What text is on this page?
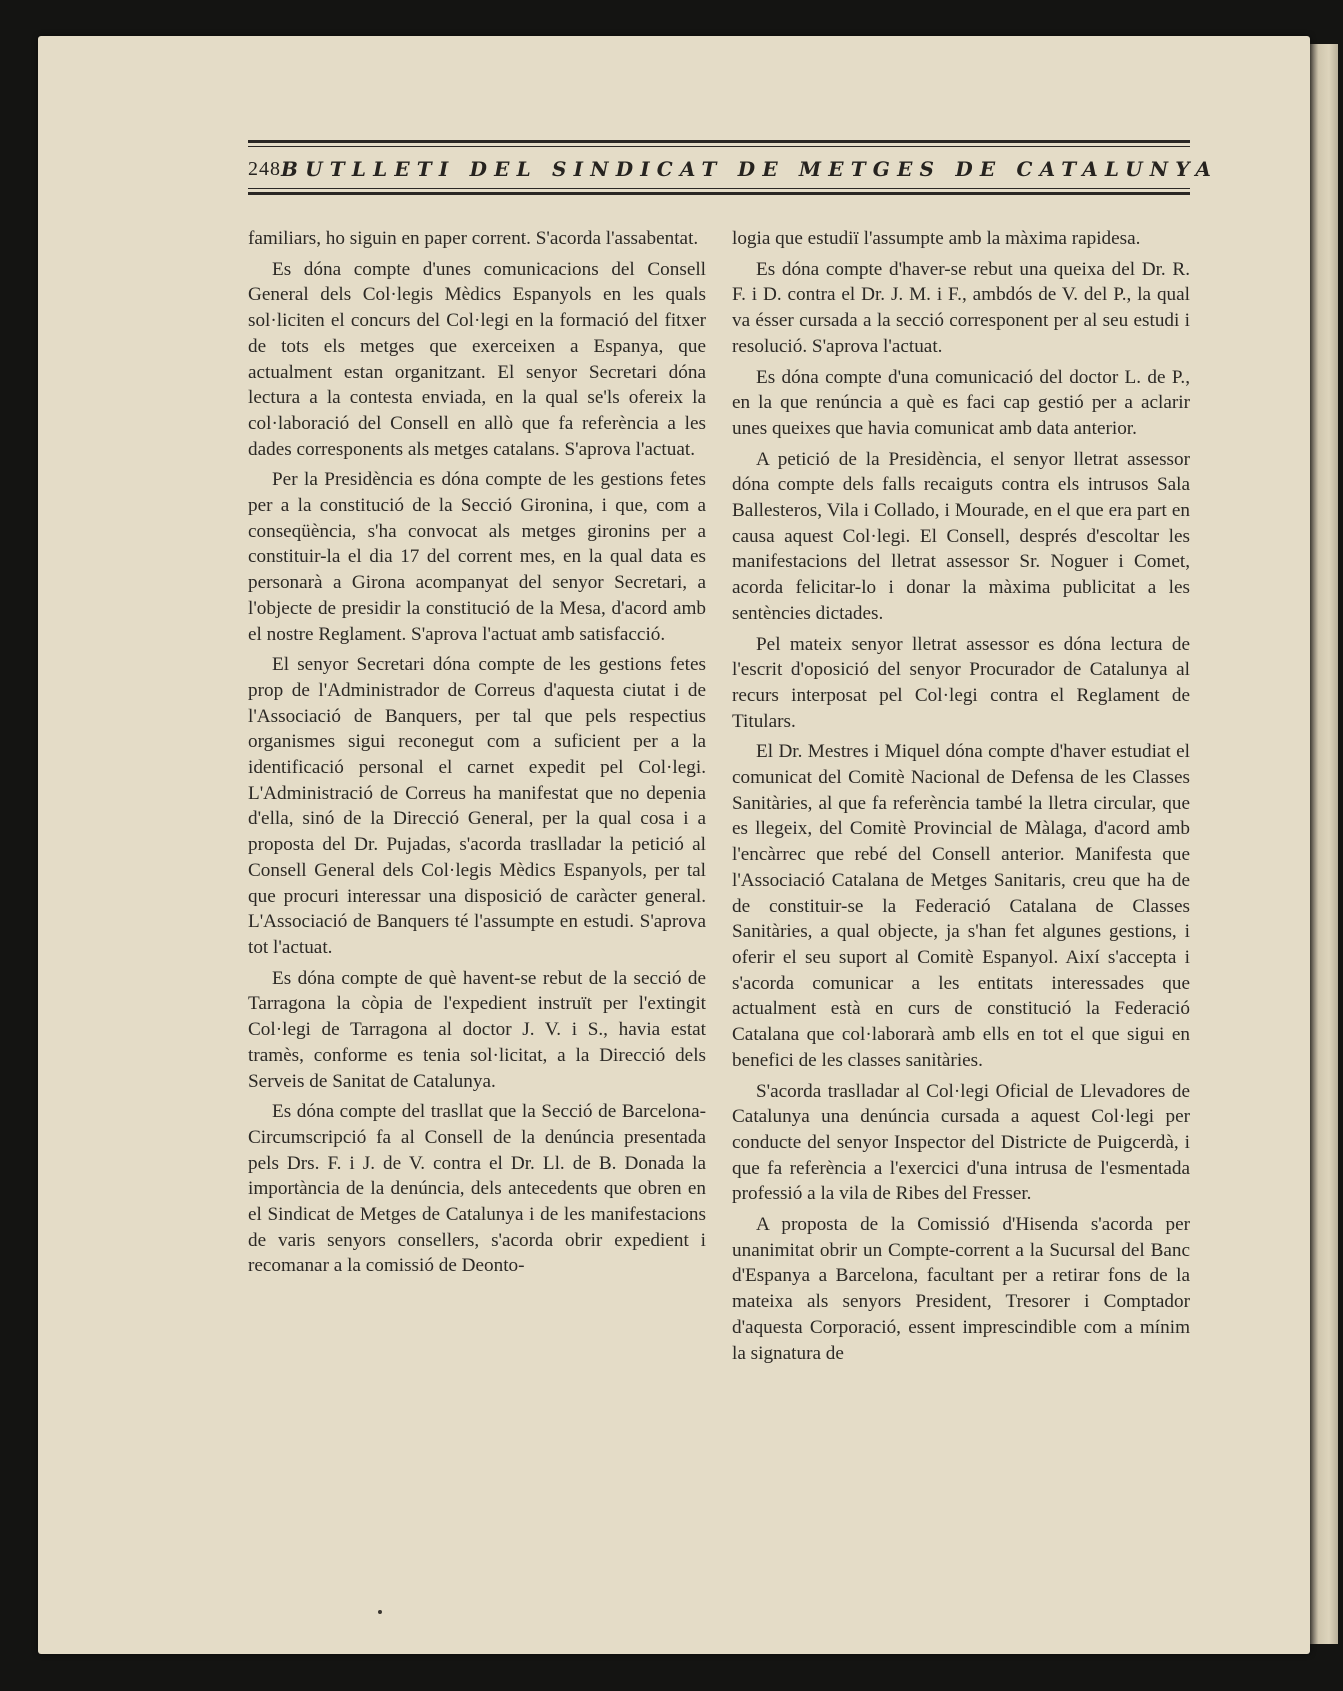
248 BUTLLETI DEL SINDICAT DE METGES DE CATALUNYA

familiars, ho siguin en paper corrent. S'acorda l'assabentat.

Es dóna compte d'unes comunicacions del Consell General dels Col·legis Mèdics Espanyols en les quals sol·liciten el concurs del Col·legi en la formació del fitxer de tots els metges que exerceixen a Espanya, que actualment estan organitzant. El senyor Secretari dóna lectura a la contesta enviada, en la qual se'ls ofereix la col·laboració del Consell en allò que fa referència a les dades corresponents als metges catalans. S'aprova l'actuat.

Per la Presidència es dóna compte de les gestions fetes per a la constitució de la Secció Gironina, i que, com a conseqüència, s'ha convocat als metges gironins per a constituir-la el dia 17 del corrent mes, en la qual data es personarà a Girona acompanyat del senyor Secretari, a l'objecte de presidir la constitució de la Mesa, d'acord amb el nostre Reglament. S'aprova l'actuat amb satisfacció.

El senyor Secretari dóna compte de les gestions fetes prop de l'Administrador de Correus d'aquesta ciutat i de l'Associació de Banquers, per tal que pels respectius organismes sigui reconegut com a suficient per a la identificació personal el carnet expedit pel Col·legi. L'Administració de Correus ha manifestat que no depenia d'ella, sinó de la Direcció General, per la qual cosa i a proposta del Dr. Pujadas, s'acorda traslladar la petició al Consell General dels Col·legis Mèdics Espanyols, per tal que procuri interessar una disposició de caràcter general. L'Associació de Banquers té l'assumpte en estudi. S'aprova tot l'actuat.

Es dóna compte de què havent-se rebut de la secció de Tarragona la còpia de l'expedient instruït per l'extingit Col·legi de Tarragona al doctor J. V. i S., havia estat tramès, conforme es tenia sol·licitat, a la Direcció dels Serveis de Sanitat de Catalunya.

Es dóna compte del trasllat que la Secció de Barcelona-Circumscripció fa al Consell de la denúncia presentada pels Drs. F. i J. de V. contra el Dr. Ll. de B. Donada la importància de la denúncia, dels antecedents que obren en el Sindicat de Metges de Catalunya i de les manifestacions de varis senyors consellers, s'acorda obrir expedient i recomanar a la comissió de Deonto-

logia que estudiï l'assumpte amb la màxima rapidesa.

Es dóna compte d'haver-se rebut una queixa del Dr. R. F. i D. contra el Dr. J. M. i F., ambdós de V. del P., la qual va ésser cursada a la secció corresponent per al seu estudi i resolució. S'aprova l'actuat.

Es dóna compte d'una comunicació del doctor L. de P., en la que renúncia a què es faci cap gestió per a aclarir unes queixes que havia comunicat amb data anterior.

A petició de la Presidència, el senyor lletrat assessor dóna compte dels falls recaiguts contra els intrusos Sala Ballesteros, Vila i Collado, i Mourade, en el que era part en causa aquest Col·legi. El Consell, després d'escoltar les manifestacions del lletrat assessor Sr. Noguer i Comet, acorda felicitar-lo i donar la màxima publicitat a les sentències dictades.

Pel mateix senyor lletrat assessor es dóna lectura de l'escrit d'oposició del senyor Procurador de Catalunya al recurs interposat pel Col·legi contra el Reglament de Titulars.

El Dr. Mestres i Miquel dóna compte d'haver estudiat el comunicat del Comitè Nacional de Defensa de les Classes Sanitàries, al que fa referència també la lletra circular, que es llegeix, del Comitè Provincial de Màlaga, d'acord amb l'encàrrec que rebé del Consell anterior. Manifesta que l'Associació Catalana de Metges Sanitaris, creu que ha de de constituir-se la Federació Catalana de Classes Sanitàries, a qual objecte, ja s'han fet algunes gestions, i oferir el seu suport al Comitè Espanyol. Així s'accepta i s'acorda comunicar a les entitats interessades que actualment està en curs de constitució la Federació Catalana que col·laborarà amb ells en tot el que sigui en benefici de les classes sanitàries.

S'acorda traslladar al Col·legi Oficial de Llevadores de Catalunya una denúncia cursada a aquest Col·legi per conducte del senyor Inspector del Districte de Puigcerdà, i que fa referència a l'exercici d'una intrusa de l'esmentada professió a la vila de Ribes del Fresser.

A proposta de la Comissió d'Hisenda s'acorda per unanimitat obrir un Compte-corrent a la Sucursal del Banc d'Espanya a Barcelona, facultant per a retirar fons de la mateixa als senyors President, Tresorer i Comptador d'aquesta Corporació, essent imprescindible com a mínim la signatura de
